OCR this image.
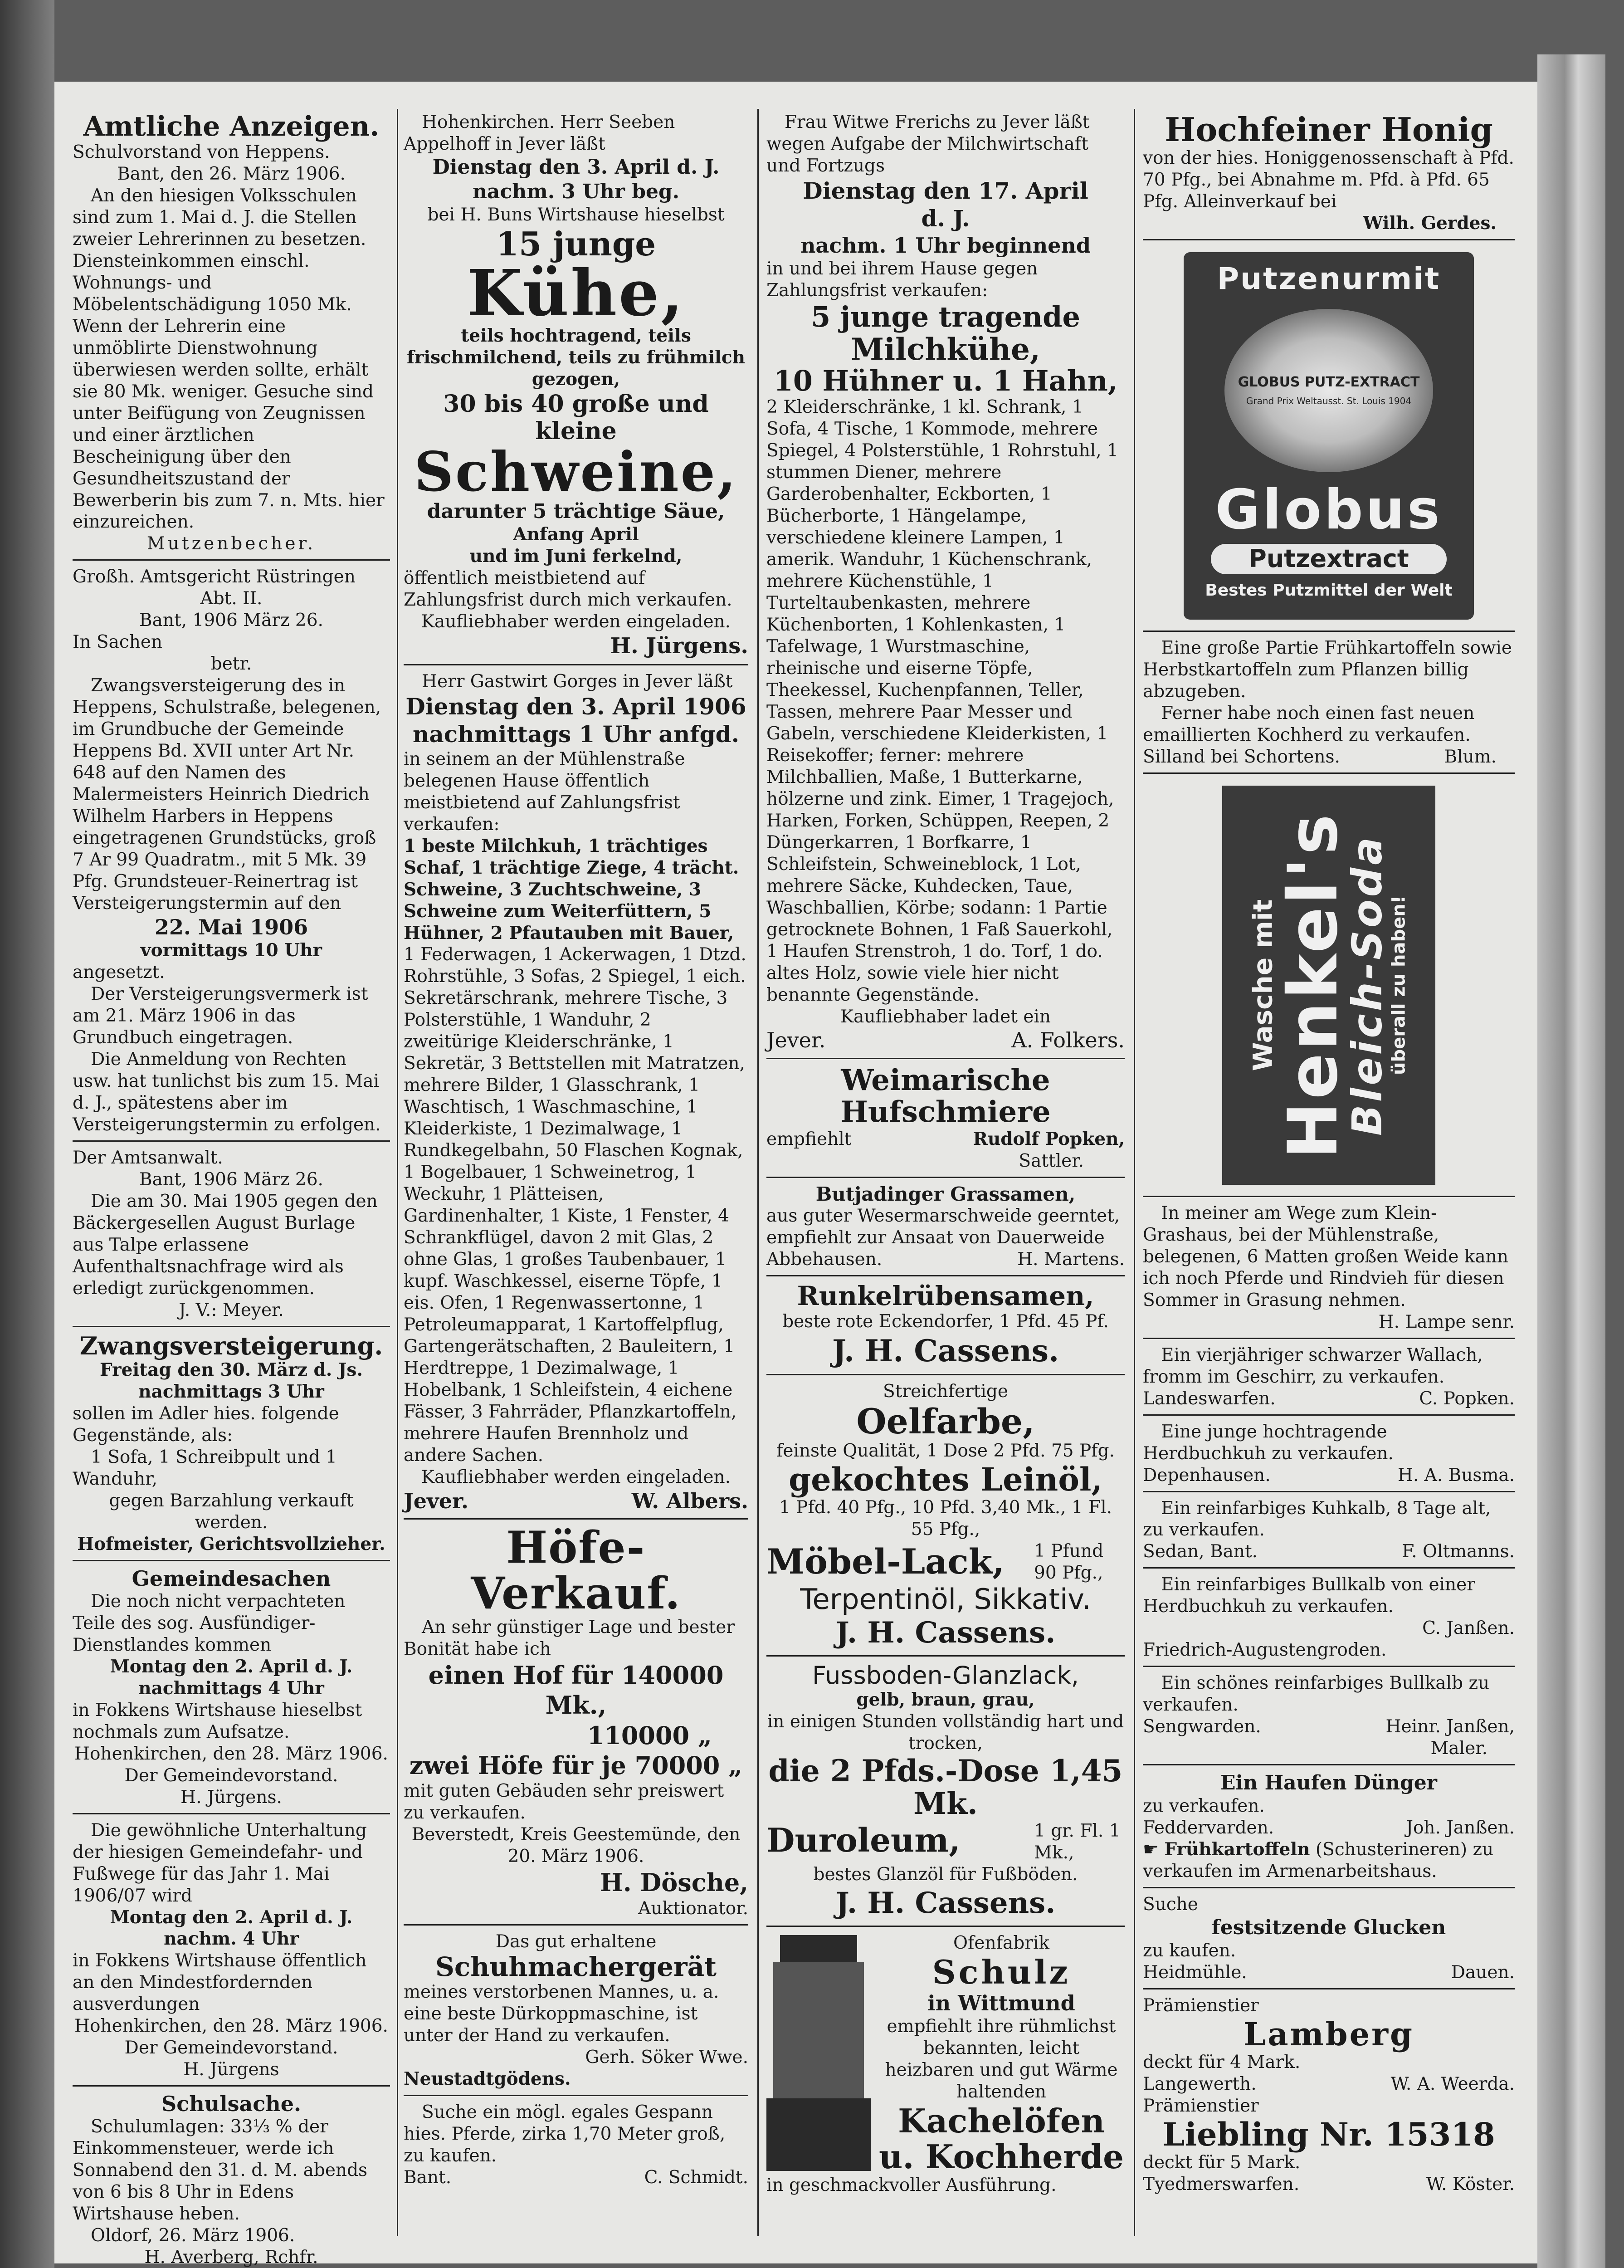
Amtliche Anzeigen.

Schulvorstand von Heppens.

Bant, den 26. März 1906.

An den hiesigen Volksschulen sind zum 1. Mai d. J. die Stellen zweier Lehrerinnen zu besetzen. Diensteinkommen einschl. Wohnungs- und Möbelentschädigung 1050 Mk. Wenn der Lehrerin eine unmöblirte Dienstwohnung überwiesen werden sollte, erhält sie 80 Mk. weniger. Gesuche sind unter Beifügung von Zeugnissen und einer ärztlichen Bescheinigung über den Gesundheitszustand der Bewerberin bis zum 7. n. Mts. hier einzureichen.

Mutzenbecher.

Großh. Amtsgericht Rüstringen

Abt. II.

Bant, 1906 März 26.

In Sachen

betr.

Zwangsversteigerung des in Heppens, Schulstraße, belegenen, im Grundbuche der Gemeinde Heppens Bd. XVII unter Art Nr. 648 auf den Namen des Malermeisters Heinrich Diedrich Wilhelm Harbers in Heppens eingetragenen Grundstücks, groß 7 Ar 99 Quadratm., mit 5 Mk. 39 Pfg. Grundsteuer-Reinertrag ist Versteigerungstermin auf den

22. Mai 1906

vormittags 10 Uhr

angesetzt.

Der Versteigerungsvermerk ist am 21. März 1906 in das Grundbuch eingetragen.

Die Anmeldung von Rechten usw. hat tunlichst bis zum 15. Mai d. J., spätestens aber im Versteigerungstermin zu erfolgen.

Der Amtsanwalt.

Bant, 1906 März 26.

Die am 30. Mai 1905 gegen den Bäckergesellen August Burlage aus Talpe erlassene Aufenthaltsnachfrage wird als erledigt zurückgenommen.

J. V.: Meyer.

Zwangsversteigerung.

Freitag den 30. März d. Js.

nachmittags 3 Uhr

sollen im Adler hies. folgende Gegenstände, als:

1 Sofa, 1 Schreibpult und 1 Wanduhr,

gegen Barzahlung verkauft werden.

Hofmeister, Gerichtsvollzieher.

Gemeindesachen

Die noch nicht verpachteten Teile des sog. Ausfündiger-Dienstlandes kommen

Montag den 2. April d. J.

nachmittags 4 Uhr

in Fokkens Wirtshause hieselbst nochmals zum Aufsatze.

Hohenkirchen, den 28. März 1906.

Der Gemeindevorstand.

H. Jürgens.

Die gewöhnliche Unterhaltung der hiesigen Gemeindefahr- und Fußwege für das Jahr 1. Mai 1906/07 wird

Montag den 2. April d. J.

nachm. 4 Uhr

in Fokkens Wirtshause öffentlich an den Mindestfordernden ausverdungen

Hohenkirchen, den 28. März 1906.

Der Gemeindevorstand.

H. Jürgens

Schulsache.

Schulumlagen: 33⅓ % der Einkommensteuer, werde ich Sonnabend den 31. d. M. abends von 6 bis 8 Uhr in Edens Wirtshause heben.

Oldorf, 26. März 1906.

H. Averberg, Rchfr.

Hohenkirchen. Herr Seeben Appelhoff in Jever läßt

Dienstag den 3. April d. J.

nachm. 3 Uhr beg.

bei H. Buns Wirtshause hieselbst

15 junge
Kühe,

teils hochtragend, teils frischmilchend, teils zu frühmilch gezogen,

30 bis 40 große und kleine
Schweine,

darunter 5 trächtige Säue,

Anfang April

und im Juni ferkelnd,

öffentlich meistbietend auf Zahlungsfrist durch mich verkaufen.

Kaufliebhaber werden eingeladen.

H. Jürgens.

Herr Gastwirt Gorges in Jever läßt

Dienstag den 3. April 1906

nachmittags 1 Uhr anfgd.

in seinem an der Mühlenstraße belegenen Hause öffentlich meistbietend auf Zahlungsfrist verkaufen:

1 beste Milchkuh, 1 trächtiges Schaf, 1 trächtige Ziege, 4 trächt. Schweine, 3 Zuchtschweine, 3 Schweine zum Weiterfüttern, 5 Hühner, 2 Pfautauben mit Bauer,

1 Federwagen, 1 Ackerwagen, 1 Dtzd. Rohrstühle, 3 Sofas, 2 Spiegel, 1 eich. Sekretärschrank, mehrere Tische, 3 Polsterstühle, 1 Wanduhr, 2 zweitürige Kleiderschränke, 1 Sekretär, 3 Bettstellen mit Matratzen, mehrere Bilder, 1 Glasschrank, 1 Waschtisch, 1 Waschmaschine, 1 Kleiderkiste, 1 Dezimalwage, 1 Rundkegelbahn, 50 Flaschen Kognak, 1 Bogelbauer, 1 Schweinetrog, 1 Weckuhr, 1 Plätteisen, Gardinenhalter, 1 Kiste, 1 Fenster, 4 Schrankflügel, davon 2 mit Glas, 2 ohne Glas, 1 großes Taubenbauer, 1 kupf. Waschkessel, eiserne Töpfe, 1 eis. Ofen, 1 Regenwassertonne, 1 Petroleumapparat, 1 Kartoffelpflug, Gartengerätschaften, 2 Bauleitern, 1 Herdtreppe, 1 Dezimalwage, 1 Hobelbank, 1 Schleifstein, 4 eichene Fässer, 3 Fahrräder, Pflanzkartoffeln, mehrere Haufen Brennholz und andere Sachen.

Kaufliebhaber werden eingeladen.

Jever.	W. Albers.
Höfe-Verkauf.

An sehr günstiger Lage und bester Bonität habe ich

einen Hof für 140000 Mk.,

110000 „

zwei Höfe für je 70000 „

mit guten Gebäuden sehr preiswert zu verkaufen.

Beverstedt, Kreis Geestemünde, den 20. März 1906.

H. Dösche,

Auktionator.

Das gut erhaltene

Schuhmachergerät

meines verstorbenen Mannes, u. a. eine beste Dürkoppmaschine, ist unter der Hand zu verkaufen.

Gerh. Söker Wwe.

Neustadtgödens.

Suche ein mögl. egales Gespann hies. Pferde, zirka 1,70 Meter groß, zu kaufen.

Bant.	C. Schmidt.

Frau Witwe Frerichs zu Jever läßt wegen Aufgabe der Milchwirtschaft und Fortzugs

Dienstag den 17. April

d. J.

nachm. 1 Uhr beginnend

in und bei ihrem Hause gegen Zahlungsfrist verkaufen:

5 junge tragende
Milchkühe,
10 Hühner u. 1 Hahn,

2 Kleiderschränke, 1 kl. Schrank, 1 Sofa, 4 Tische, 1 Kommode, mehrere Spiegel, 4 Polsterstühle, 1 Rohrstuhl, 1 stummen Diener, mehrere Garderobenhalter, Eckborten, 1 Bücherborte, 1 Hängelampe, verschiedene kleinere Lampen, 1 amerik. Wanduhr, 1 Küchenschrank, mehrere Küchenstühle, 1 Turteltaubenkasten, mehrere Küchenborten, 1 Kohlenkasten, 1 Tafelwage, 1 Wurstmaschine, rheinische und eiserne Töpfe, Theekessel, Kuchenpfannen, Teller, Tassen, mehrere Paar Messer und Gabeln, verschiedene Kleiderkisten, 1 Reisekoffer; ferner: mehrere Milchballien, Maße, 1 Butterkarne, hölzerne und zink. Eimer, 1 Tragejoch, Harken, Forken, Schüppen, Reepen, 2 Düngerkarren, 1 Borfkarre, 1 Schleifstein, Schweineblock, 1 Lot, mehrere Säcke, Kuhdecken, Taue, Waschballien, Körbe; sodann: 1 Partie getrocknete Bohnen, 1 Faß Sauerkohl, 1 Haufen Strenstroh, 1 do. Torf, 1 do. altes Holz, sowie viele hier nicht benannte Gegenstände.

Kaufliebhaber ladet ein

Jever.	A. Folkers.
Weimarische Hufschmiere
empfiehlt	Rudolf Popken,

Sattler.

Butjadinger Grassamen,

aus guter Wesermarschweide geerntet, empfiehlt zur Ansaat von Dauerweide

Abbehausen.	H. Martens.
Runkelrübensamen,

beste rote Eckendorfer, 1 Pfd. 45 Pf.

J. H. Cassens.

Streichfertige

Oelfarbe,

feinste Qualität, 1 Dose 2 Pfd. 75 Pfg.

gekochtes Leinöl,

1 Pfd. 40 Pfg., 10 Pfd. 3,40 Mk., 1 Fl. 55 Pfg.,

Möbel-Lack, 1 Pfund 90 Pfg.,
Terpentinöl, Sikkativ.

J. H. Cassens.

Fussboden-Glanzlack,

gelb, braun, grau,

in einigen Stunden vollständig hart und trocken,

die 2 Pfds.-Dose 1,45 Mk.
Duroleum,	1 gr. Fl. 1 Mk.,

bestes Glanzöl für Fußböden.

J. H. Cassens.

Ofenfabrik

Schulz

in Wittmund

empfiehlt ihre rühmlichst bekannten, leicht heizbaren und gut Wärme haltenden

Kachelöfen
u. Kochherde

in geschmackvoller Ausführung.

Hochfeiner Honig

von der hies. Honiggenossenschaft à Pfd. 70 Pfg., bei Abnahme m. Pfd. à Pfd. 65 Pfg. Alleinverkauf bei

Wilh. Gerdes.

Putzenurmit
GLOBUS PUTZ-EXTRACT
Grand Prix Weltausst. St. Louis 1904
Globus
Putzextract
Bestes Putzmittel der Welt

Eine große Partie Frühkartoffeln sowie Herbstkartoffeln zum Pflanzen billig abzugeben.

Ferner habe noch einen fast neuen emaillierten Kochherd zu verkaufen.

Silland bei Schortens.	Blum.
Wasche mit
Henkel's
Bleich-Soda
überall zu haben!

In meiner am Wege zum Klein-Grashaus, bei der Mühlenstraße, belegenen, 6 Matten großen Weide kann ich noch Pferde und Rindvieh für diesen Sommer in Grasung nehmen.

H. Lampe senr.

Ein vierjähriger schwarzer Wallach, fromm im Geschirr, zu verkaufen.

Landeswarfen.	C. Popken.

Eine junge hochtragende Herdbuchkuh zu verkaufen.

Depenhausen.	H. A. Busma.

Ein reinfarbiges Kuhkalb, 8 Tage alt, zu verkaufen.

Sedan, Bant.	F. Oltmanns.

Ein reinfarbiges Bullkalb von einer Herdbuchkuh zu verkaufen.

C. Janßen.

Friedrich-Augustengroden.

Ein schönes reinfarbiges Bullkalb zu verkaufen.

Sengwarden.	Heinr. Janßen,

Maler.

Ein Haufen Dünger

zu verkaufen.

Feddervarden.	Joh. Janßen.

☛ Frühkartoffeln (Schusterineren) zu verkaufen im Armenarbeitshaus.

Suche

festsitzende Glucken

zu kaufen.

Heidmühle.	Dauen.

Prämienstier

Lamberg

deckt für 4 Mark.

Langewerth.	W. A. Weerda.

Prämienstier

Liebling Nr. 15318

deckt für 5 Mark.

Tyedmerswarfen.	W. Köster.
